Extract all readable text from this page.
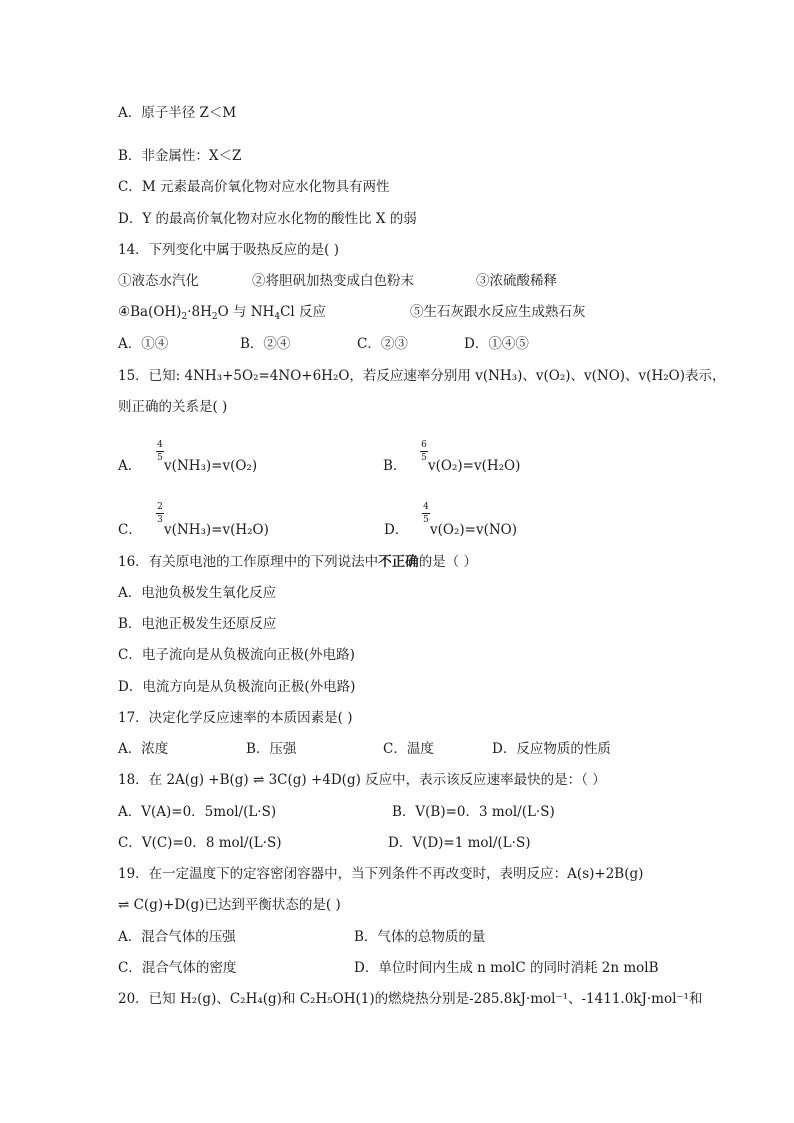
A．原子半径 Z＜M
B．非金属性：X＜Z
C．M 元素最高价氧化物对应水化物具有两性
D．Y 的最高价氧化物对应水化物的酸性比 X 的弱
14．下列变化中属于吸热反应的是( )
①液态水汽化	②将胆矾加热变成白色粉末	③浓硫酸稀释
$④Ba(OH)_2\cdot 8H_2O$ 与 $NH_4Cl$ 反应	⑤生石灰跟水反应生成熟石灰
A．①④	B．②④	C．②③	D．①④⑤
15．已知: 4NH₃+5O₂=4NO+6H₂O，若反应速率分别用 v(NH₃)、v(O₂)、v(NO)、v(H₂O)表示，
则正确的关系是( )
A．
4
5 v(NH₃)=v(O₂)	B．
6
5 v(O₂)=v(H₂O)
C．
2
3
v(NH₃)=v(H₂O)	D．
4
5
v(O₂)=v(NO)
16．有关原电池的工作原理中的下列说法中不正确的是（ ）
A．电池负极发生氧化反应
B．电池正极发生还原反应
C．电子流向是从负极流向正极(外电路)
D．电流方向是从负极流向正极(外电路)
17．决定化学反应速率的本质因素是( )
A．浓度	B．压强	C．温度	D．反应物质的性质
18．在 2A(g) +B(g) ⇌ 3C(g) +4D(g) 反应中，表示该反应速率最快的是：（ ）
A．V(A)=0．5mol/(L·S)	B．V(B)=0．3 mol/(L·S)
C．V(C)=0．8 mol/(L·S)	D．V(D)=1 mol/(L·S)
19．在一定温度下的定容密闭容器中，当下列条件不再改变时，表明反应：A(s)+2B(g)
⇌ C(g)+D(g)已达到平衡状态的是( )
A．混合气体的压强	B．气体的总物质的量
C．混合气体的密度	D．单位时间内生成 n molC 的同时消耗 2n molB
20．已知 H₂(g)、C₂H₄(g)和 C₂H₅OH(1)的燃烧热分别是-285.8kJ·mol⁻¹、-1411.0kJ·mol⁻¹和
